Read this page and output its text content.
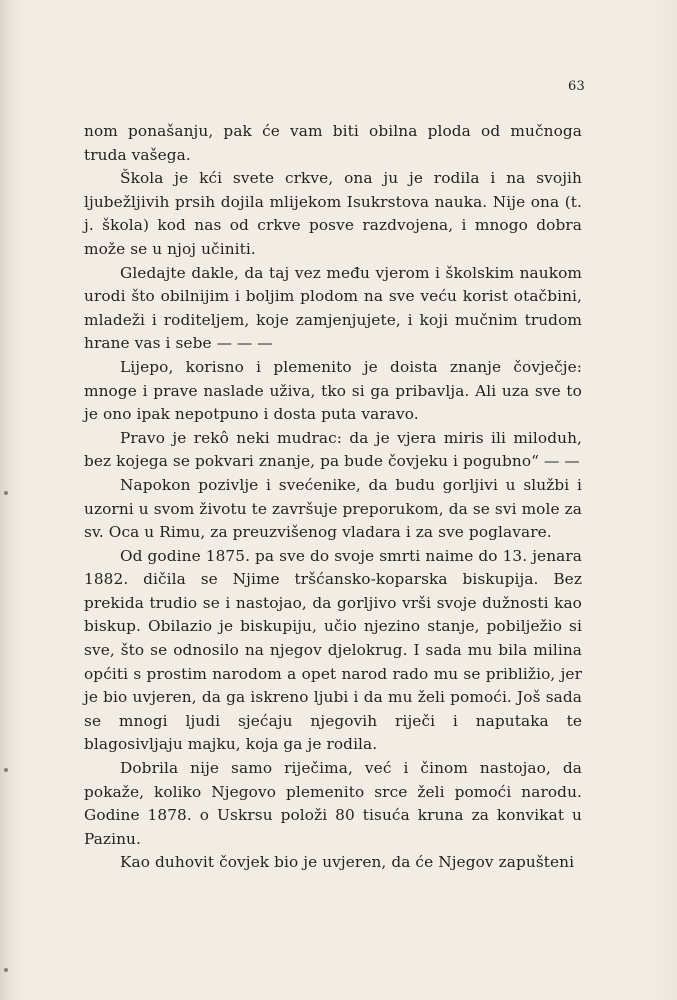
63

nom ponašanju, pak će vam biti obilna ploda od mučnoga truda vašega.

Škola je kći svete crkve, ona ju je rodila i na svojih ljubežljivih prsih dojila mlijekom Isukrstova nauka. Nije ona (t. j. škola) kod nas od crkve posve razdvojena, i mnogo dobra može se u njoj učiniti.

Gledajte dakle, da taj vez među vjerom i školskim naukom urodi što obilnijim i boljim plodom na sve veću korist otačbini, mladeži i roditeljem, koje zamjenjujete, i koji mučnim trudom hrane vas i sebe — — —

Lijepo, korisno i plemenito je doista znanje čovječje: mnoge i prave naslade uživa, tko si ga pribavlja. Ali uza sve to je ono ipak nepotpuno i dosta puta varavo.

Pravo je rekô neki mudrac: da je vjera miris ili miloduh, bez kojega se pokvari znanje, pa bude čovjeku i pogubno“ — —

Napokon pozivlje i svećenike, da budu gorljivi u službi i uzorni u svom životu te završuje preporukom, da se svi mole za sv. Oca u Rimu, za preuzvišenog vladara i za sve poglavare.

Od godine 1875. pa sve do svoje smrti naime do 13. jenara 1882. dičila se Njime tršćansko-koparska biskupija. Bez prekida trudio se i nastojao, da gorljivo vrši svoje dužnosti kao biskup. Obilazio je biskupiju, učio njezino stanje, pobilježio si sve, što se odnosilo na njegov djelokrug. I sada mu bila milina općiti s prostim narodom a opet narod rado mu se približio, jer je bio uvjeren, da ga iskreno ljubi i da mu želi pomoći. Još sada se mnogi ljudi sjećaju njegovih riječi i naputaka te blagosivljaju majku, koja ga je rodila.

Dobrila nije samo riječima, već i činom nastojao, da pokaže, koliko Njegovo plemenito srce želi pomoći narodu. Godine 1878. o Uskrsu položi 80 tisuća kruna za konvikat u Pazinu.

Kao duhovit čovjek bio je uvjeren, da će Njegov zapušteni
